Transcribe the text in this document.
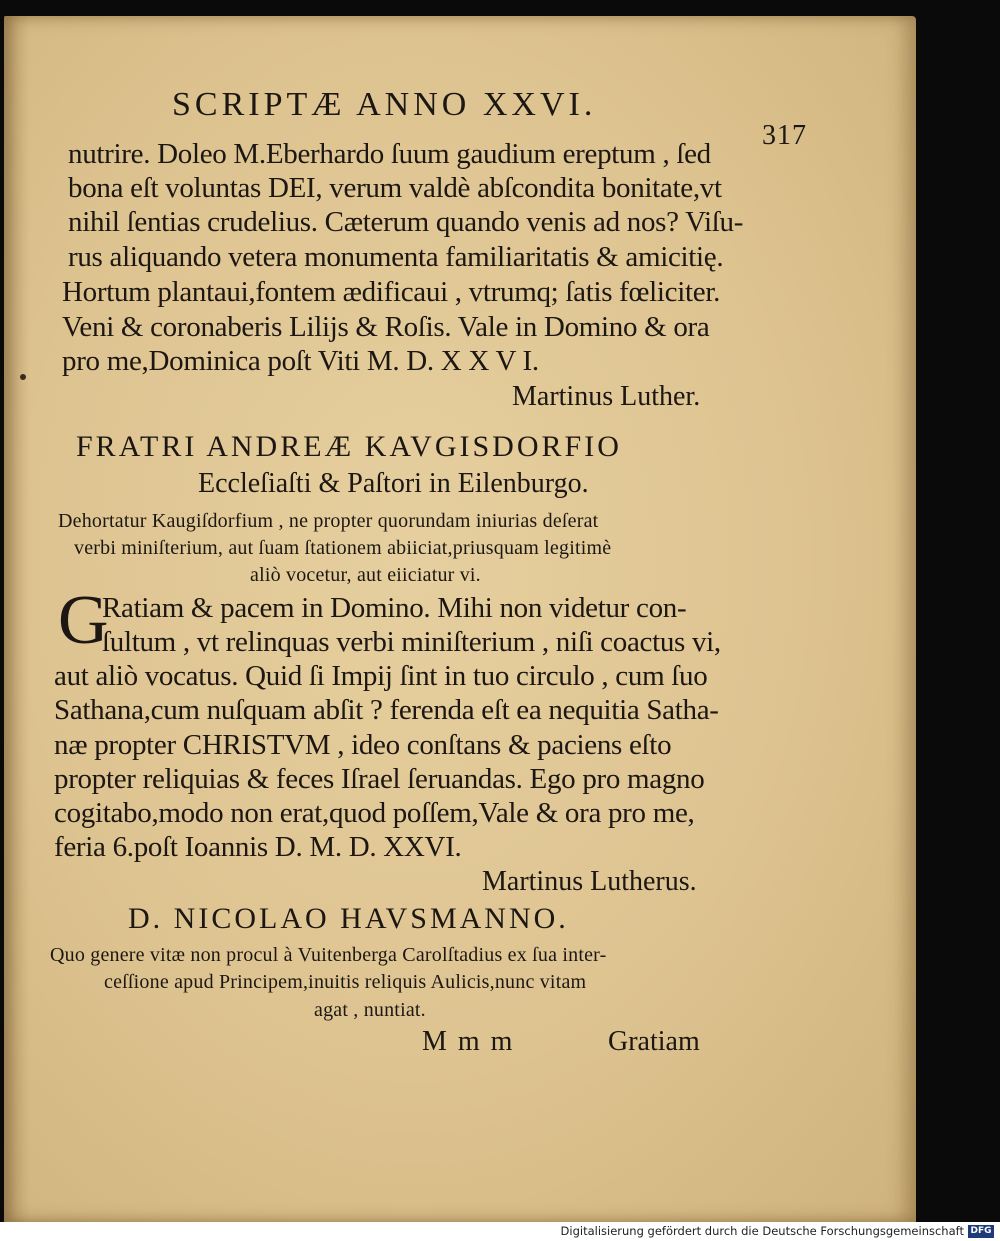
SCRIPTÆ ANNO XXVI.
317
nutrire. Doleo M.Eberhardo ſuum gaudium ereptum , ſed
bona eſt voluntas DEI, verum valdè abſcondita bonitate,vt
nihil ſentias crudelius. Cæterum quando venis ad nos? Viſu-
rus aliquando vetera monumenta familiaritatis & amicitię.
Hortum plantaui,fontem ædificaui , vtrumq; ſatis fœliciter.
Veni & coronaberis Lilijs & Roſis. Vale in Domino & ora
pro me,Dominica poſt Viti M. D. X X V I.
Martinus Luther.
FRATRI ANDREÆ KAVGISDORFIO
Eccleſiaſti & Paſtori in Eilenburgo.
Dehortatur Kaugiſdorfium , ne propter quorundam iniurias deſerat
verbi miniſterium, aut ſuam ſtationem abiiciat,priusquam legitimè
aliò vocetur, aut eiiciatur vi.
G
Ratiam & pacem in Domino. Mihi non videtur con-
ſultum , vt relinquas verbi miniſterium , niſi coactus vi,
aut aliò vocatus. Quid ſi Impij ſint in tuo circulo , cum ſuo
Sathana,cum nuſquam abſit ? ferenda eſt ea nequitia Satha-
næ propter CHRISTVM , ideo conſtans & paciens eſto
propter reliquias & feces Iſrael ſeruandas. Ego pro magno
cogitabo,modo non erat,quod poſſem,Vale & ora pro me,
feria 6.poſt Ioannis D. M. D. XXVI.
Martinus Lutherus.
D. NICOLAO HAVSMANNO.
Quo genere vitæ non procul à Vuitenberga Carolſtadius ex ſua inter-
ceſſione apud Principem,inuitis reliquis Aulicis,nunc vitam
agat , nuntiat.
M m m	Gratiam
Digitalisierung gefördert durch die Deutsche Forschungsgemeinschaft DFG
